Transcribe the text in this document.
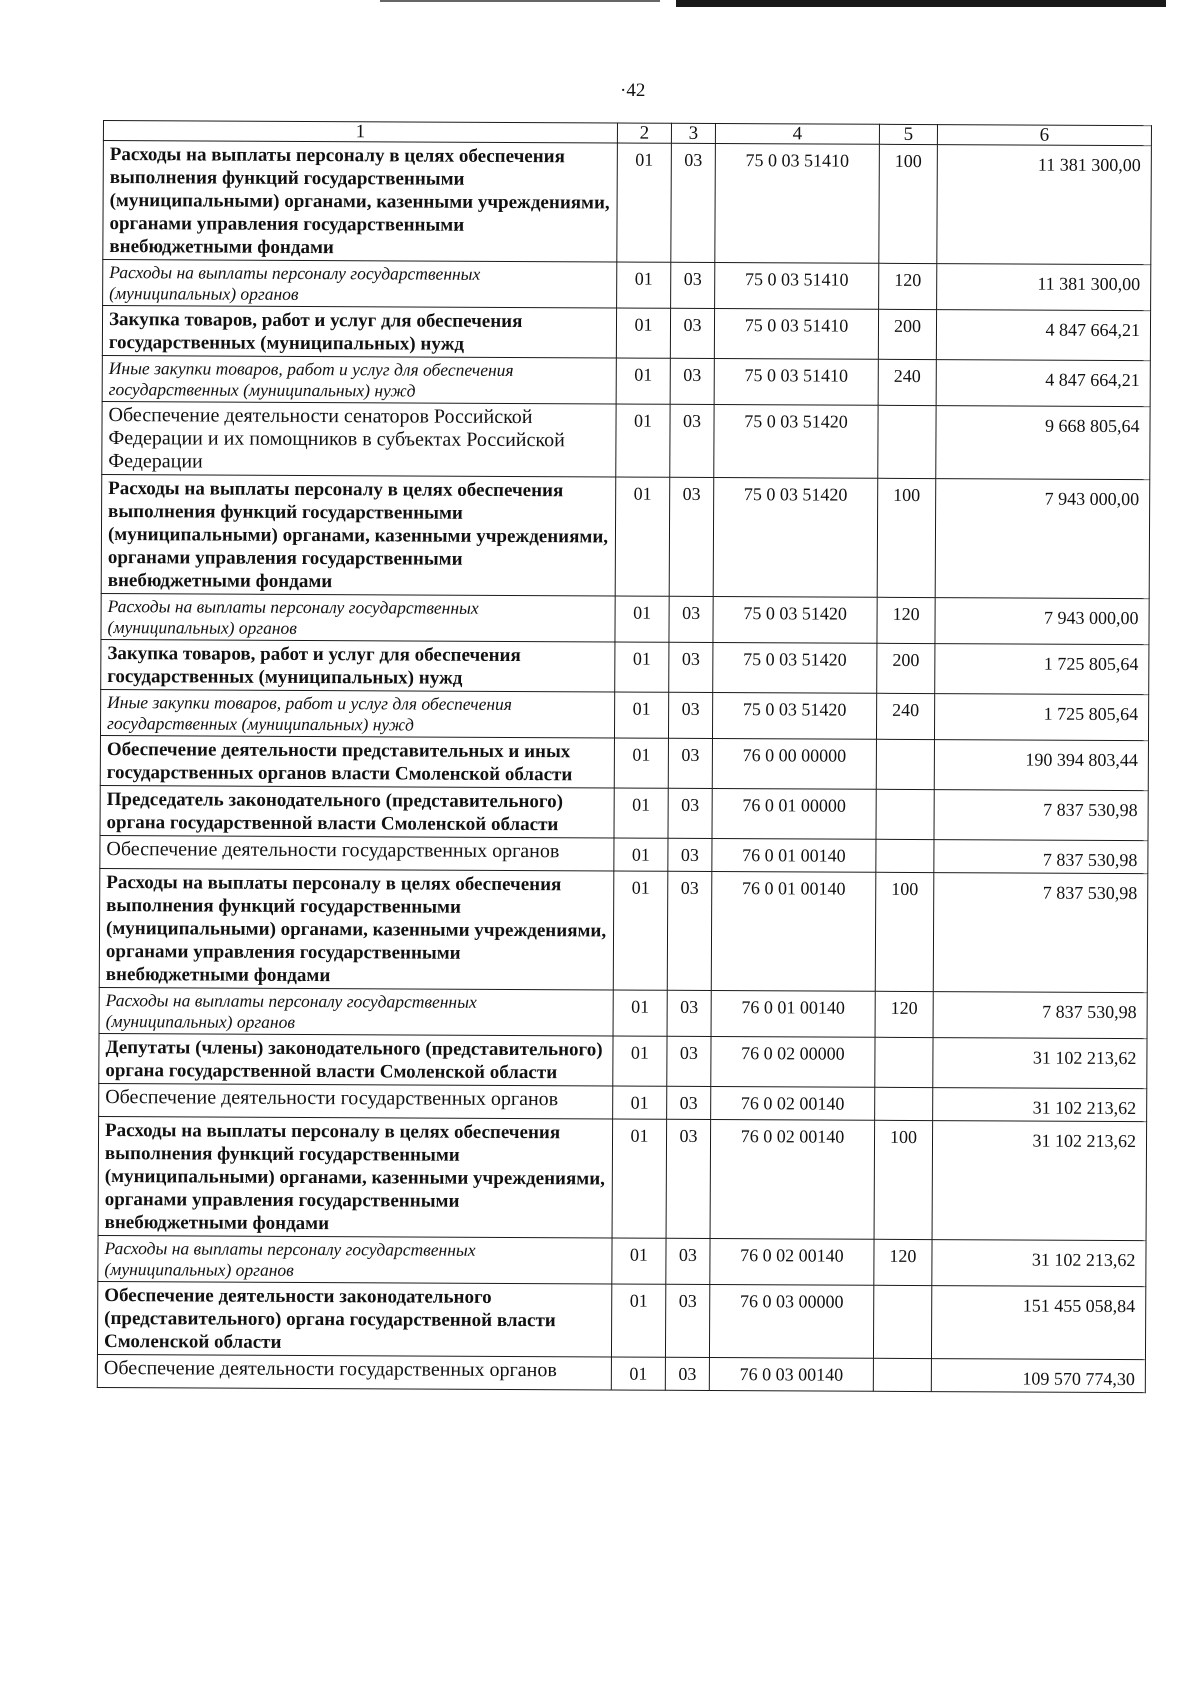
·42
1	2	3	4	5	6
Расходы на выплаты персоналу в целях обеспечения выполнения функций государственными (муниципальными) органами, казенными учреждениями, органами управления государственными внебюджетными фондами	01	03	75 0 03 51410	100	11 381 300,00
Расходы на выплаты персоналу государственных (муниципальных) органов	01	03	75 0 03 51410	120	11 381 300,00
Закупка товаров, работ и услуг для обеспечения государственных (муниципальных) нужд	01	03	75 0 03 51410	200	4 847 664,21
Иные закупки товаров, работ и услуг для обеспечения государственных (муниципальных) нужд	01	03	75 0 03 51410	240	4 847 664,21
Обеспечение деятельности сенаторов Российской Федерации и их помощников в субъектах Российской Федерации	01	03	75 0 03 51420		9 668 805,64
Расходы на выплаты персоналу в целях обеспечения выполнения функций государственными (муниципальными) органами, казенными учреждениями, органами управления государственными внебюджетными фондами	01	03	75 0 03 51420	100	7 943 000,00
Расходы на выплаты персоналу государственных (муниципальных) органов	01	03	75 0 03 51420	120	7 943 000,00
Закупка товаров, работ и услуг для обеспечения государственных (муниципальных) нужд	01	03	75 0 03 51420	200	1 725 805,64
Иные закупки товаров, работ и услуг для обеспечения государственных (муниципальных) нужд	01	03	75 0 03 51420	240	1 725 805,64
Обеспечение деятельности представительных и иных государственных органов власти Смоленской области	01	03	76 0 00 00000		190 394 803,44
Председатель законодательного (представительного) органа государственной власти Смоленской области	01	03	76 0 01 00000		7 837 530,98
Обеспечение деятельности государственных органов	01	03	76 0 01 00140		7 837 530,98
Расходы на выплаты персоналу в целях обеспечения выполнения функций государственными (муниципальными) органами, казенными учреждениями, органами управления государственными внебюджетными фондами	01	03	76 0 01 00140	100	7 837 530,98
Расходы на выплаты персоналу государственных (муниципальных) органов	01	03	76 0 01 00140	120	7 837 530,98
Депутаты (члены) законодательного (представительного) органа государственной власти Смоленской области	01	03	76 0 02 00000		31 102 213,62
Обеспечение деятельности государственных органов	01	03	76 0 02 00140		31 102 213,62
Расходы на выплаты персоналу в целях обеспечения выполнения функций государственными (муниципальными) органами, казенными учреждениями, органами управления государственными внебюджетными фондами	01	03	76 0 02 00140	100	31 102 213,62
Расходы на выплаты персоналу государственных (муниципальных) органов	01	03	76 0 02 00140	120	31 102 213,62
Обеспечение деятельности законодательного (представительного) органа государственной власти Смоленской области	01	03	76 0 03 00000		151 455 058,84
Обеспечение деятельности государственных органов	01	03	76 0 03 00140		109 570 774,30
